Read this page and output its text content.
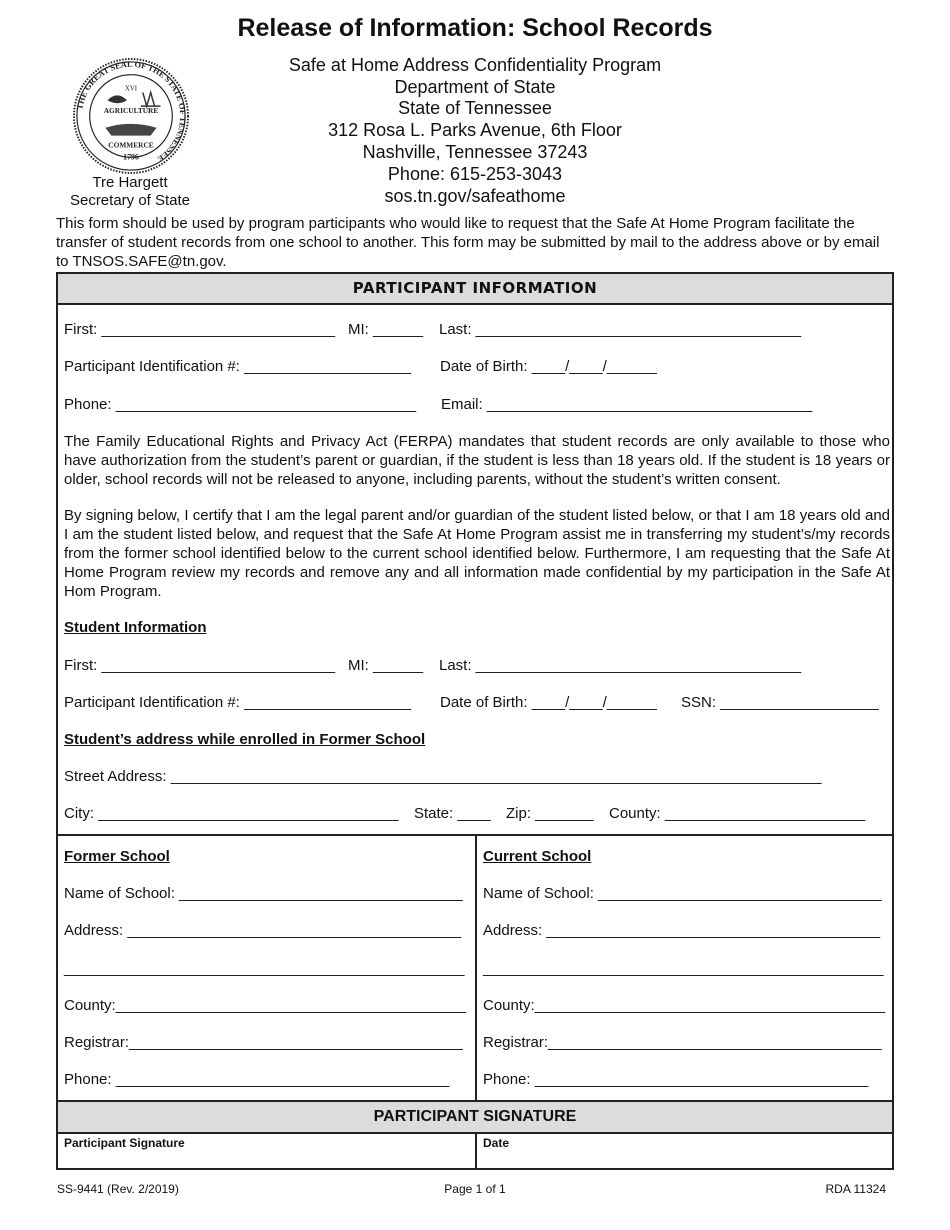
Release of Information: School Records
THE GREAT SEAL OF THE STATE OF TENNESSEE
XVI
AGRICULTURE
COMMERCE
1796
Tre Hargett
Secretary of State
Safe at Home Address Confidentiality Program
Department of State
State of Tennessee
312 Rosa L. Parks Avenue, 6th Floor
Nashville, Tennessee 37243
Phone: 615-253-3043
sos.tn.gov/safeathome
This form should be used by program participants who would like to request that the Safe At Home Program facilitate the transfer of student records from one school to another. This form may be submitted by mail to the address above or by email to TNSOS.SAFE@tn.gov.
PARTICIPANT INFORMATION
First: ____________________________ MI: ______ Last: _______________________________________
Participant Identification #: ____________________ Date of Birth: ____/____/______
Phone: ____________________________________ Email: _______________________________________
The Family Educational Rights and Privacy Act (FERPA) mandates that student records are only available to those who have authorization from the student’s parent or guardian, if the student is less than 18 years old. If the student is 18 years or older, school records will not be released to anyone, including parents, without the student’s written consent.
By signing below, I certify that I am the legal parent and/or guardian of the student listed below, or that I am 18 years old and I am the student listed below, and request that the Safe At Home Program assist me in transferring my student’s/my records from the former school identified below to the current school identified below. Furthermore, I am requesting that the Safe At Home Program review my records and remove any and all information made confidential by my participation in the Safe At Hom Program.
Student Information
First: ____________________________ MI: ______ Last: _______________________________________
Participant Identification #: ____________________ Date of Birth: ____/____/______ SSN: ___________________
Student’s address while enrolled in Former School
Street Address: ______________________________________________________________________________
City: ____________________________________ State: ____ Zip: _______ County: ________________________
Former School
Name of School: __________________________________
Address: ________________________________________
________________________________________________
County:__________________________________________
Registrar:________________________________________
Phone: ________________________________________
Current School
Name of School: __________________________________
Address: ________________________________________
________________________________________________
County:__________________________________________
Registrar:________________________________________
Phone: ________________________________________
PARTICIPANT SIGNATURE
Participant Signature	Date
SS-9441 (Rev. 2/2019)	Page 1 of 1	RDA 11324
